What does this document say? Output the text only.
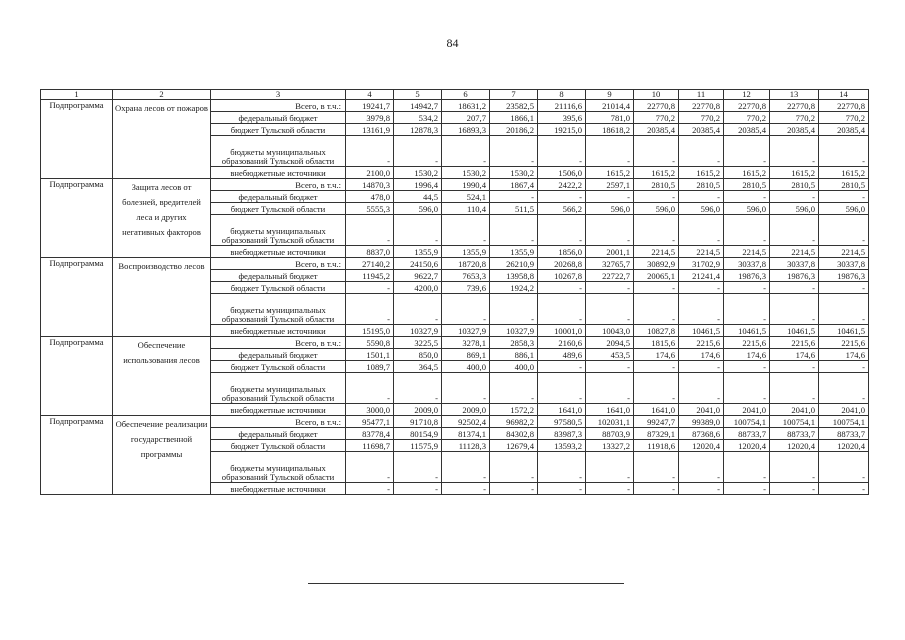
84
1	2	3	4	5	6	7	8	9	10	11	12	13	14
Подпрограмма	Охрана лесов от пожаров	Всего, в т.ч.:	19241,7	14942,7	18631,2	23582,5	21116,6	21014,4	22770,8	22770,8	22770,8	22770,8	22770,8
		федеральный бюджет	3979,8	534,2	207,7	1866,1	395,6	781,0	770,2	770,2	770,2	770,2	770,2
		бюджет Тульской области	13161,9	12878,3	16893,3	20186,2	19215,0	18618,2	20385,4	20385,4	20385,4	20385,4	20385,4
		бюджеты муниципальных образований Тульской области	-	-	-	-	-	-	-	-	-	-	-
		внебюджетные источники	2100,0	1530,2	1530,2	1530,2	1506,0	1615,2	1615,2	1615,2	1615,2	1615,2	1615,2
Подпрограмма	Защита лесов от болезней, вредителей леса и других негативных факторов	Всего, в т.ч.:	14870,3	1996,4	1990,4	1867,4	2422,2	2597,1	2810,5	2810,5	2810,5	2810,5	2810,5
		федеральный бюджет	478,0	44,5	524,1	-	-	-	-	-	-	-	-
		бюджет Тульской области	5555,3	596,0	110,4	511,5	566,2	596,0	596,0	596,0	596,0	596,0	596,0
		бюджеты муниципальных образований Тульской области	-	-	-	-	-	-	-	-	-	-	-
		внебюджетные источники	8837,0	1355,9	1355,9	1355,9	1856,0	2001,1	2214,5	2214,5	2214,5	2214,5	2214,5
Подпрограмма	Воспроизводство лесов	Всего, в т.ч.:	27140,2	24150,6	18720,8	26210,9	20268,8	32765,7	30892,9	31702,9	30337,8	30337,8	30337,8
		федеральный бюджет	11945,2	9622,7	7653,3	13958,8	10267,8	22722,7	20065,1	21241,4	19876,3	19876,3	19876,3
		бюджет Тульской области	-	4200,0	739,6	1924,2	-	-	-	-	-	-	-
		бюджеты муниципальных образований Тульской области	-	-	-	-	-	-	-	-	-	-	-
		внебюджетные источники	15195,0	10327,9	10327,9	10327,9	10001,0	10043,0	10827,8	10461,5	10461,5	10461,5	10461,5
Подпрограмма	Обеспечение использования лесов	Всего, в т.ч.:	5590,8	3225,5	3278,1	2858,3	2160,6	2094,5	1815,6	2215,6	2215,6	2215,6	2215,6
		федеральный бюджет	1501,1	850,0	869,1	886,1	489,6	453,5	174,6	174,6	174,6	174,6	174,6
		бюджет Тульской области	1089,7	364,5	400,0	400,0	-	-	-	-	-	-	-
		бюджеты муниципальных образований Тульской области	-	-	-	-	-	-	-	-	-	-	-
		внебюджетные источники	3000,0	2009,0	2009,0	1572,2	1641,0	1641,0	1641,0	2041,0	2041,0	2041,0	2041,0
Подпрограмма	Обеспечение реализации государственной программы	Всего, в т.ч.:	95477,1	91710,8	92502,4	96982,2	97580,5	102031,1	99247,7	99389,0	100754,1	100754,1	100754,1
		федеральный бюджет	83778,4	80154,9	81374,1	84302,8	83987,3	88703,9	87329,1	87368,6	88733,7	88733,7	88733,7
		бюджет Тульской области	11698,7	11575,9	11128,3	12679,4	13593,2	13327,2	11918,6	12020,4	12020,4	12020,4	12020,4
		бюджеты муниципальных образований Тульской области	-	-	-	-	-	-	-	-	-	-	-
		внебюджетные источники	-	-	-	-	-	-	-	-	-	-	-
